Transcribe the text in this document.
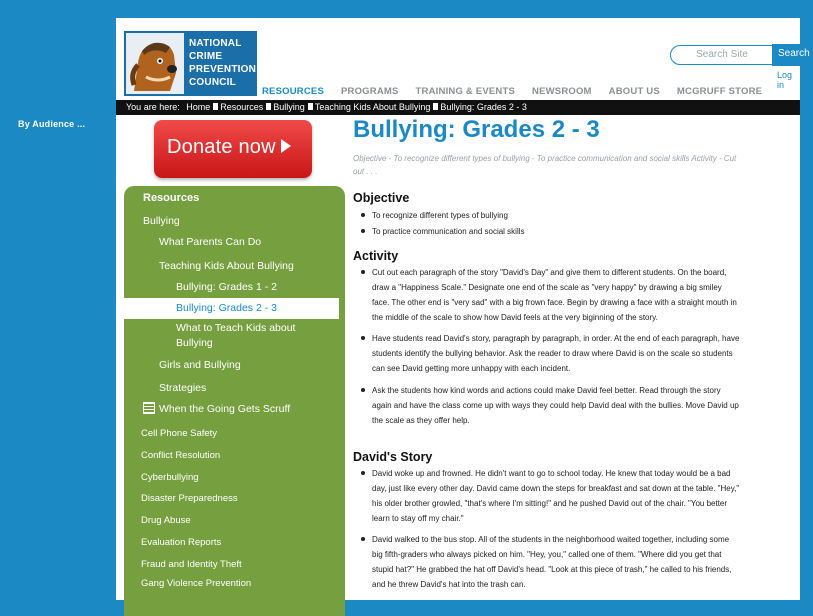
By Audience ...
NATIONAL
CRIME
PREVENTION
COUNCIL
Search Site	Search
Log in
RESOURCES PROGRAMS TRAINING & EVENTS NEWSROOM ABOUT US MCGRUFF STORE
You are here: Home Resources Bullying Teaching Kids About Bullying Bullying: Grades 2 - 3
Donate now
Resources
Bullying
What Parents Can Do
Teaching Kids About Bullying
Bullying: Grades 1 - 2
Bullying: Grades 2 - 3
What to Teach Kids about
Bullying
Girls and Bullying
Strategies
When the Going Gets Scruff
Cell Phone Safety
Conflict Resolution
Cyberbullying
Disaster Preparedness
Drug Abuse
Evaluation Reports
Fraud and Identity Theft
Gang Violence Prevention
Bullying: Grades 2 - 3
Objective - To recognize different types of bullying - To practice communication and social skills Activity - Cut
out . . .
Objective
To recognize different types of bullying
To practice communication and social skills
Activity
Cut out each paragraph of the story "David's Day" and give them to different students. On the board,
draw a "Happiness Scale." Designate one end of the scale as "very happy" by drawing a big smiley
face. The other end is "very sad" with a big frown face. Begin by drawing a face with a straight mouth in
the middle of the scale to show how David feels at the very biginning of the story.
Have students read David's story, paragraph by paragraph, in order. At the end of each paragraph, have
students identify the bullying behavior. Ask the reader to draw where David is on the scale so students
can see David getting more unhappy with each incident.
Ask the students how kind words and actions could make David feel better. Read through the story
again and have the class come up with ways they could help David deal with the bullies. Move David up
the scale as they offer help.
David's Story
David woke up and frowned. He didn't want to go to school today. He knew that today would be a bad
day, just like every other day. David came down the steps for breakfast and sat down at the table. "Hey,"
his older brother growled, "that's where I'm sitting!" and he pushed David out of the chair. "You better
learn to stay off my chair."
David walked to the bus stop. All of the students in the neighborhood waited together, including some
big fifth-graders who always picked on him. "Hey, you," called one of them. "Where did you get that
stupid hat?" He grabbed the hat off David's head. "Look at this piece of trash," he called to his friends,
and he threw David's hat into the trash can.
